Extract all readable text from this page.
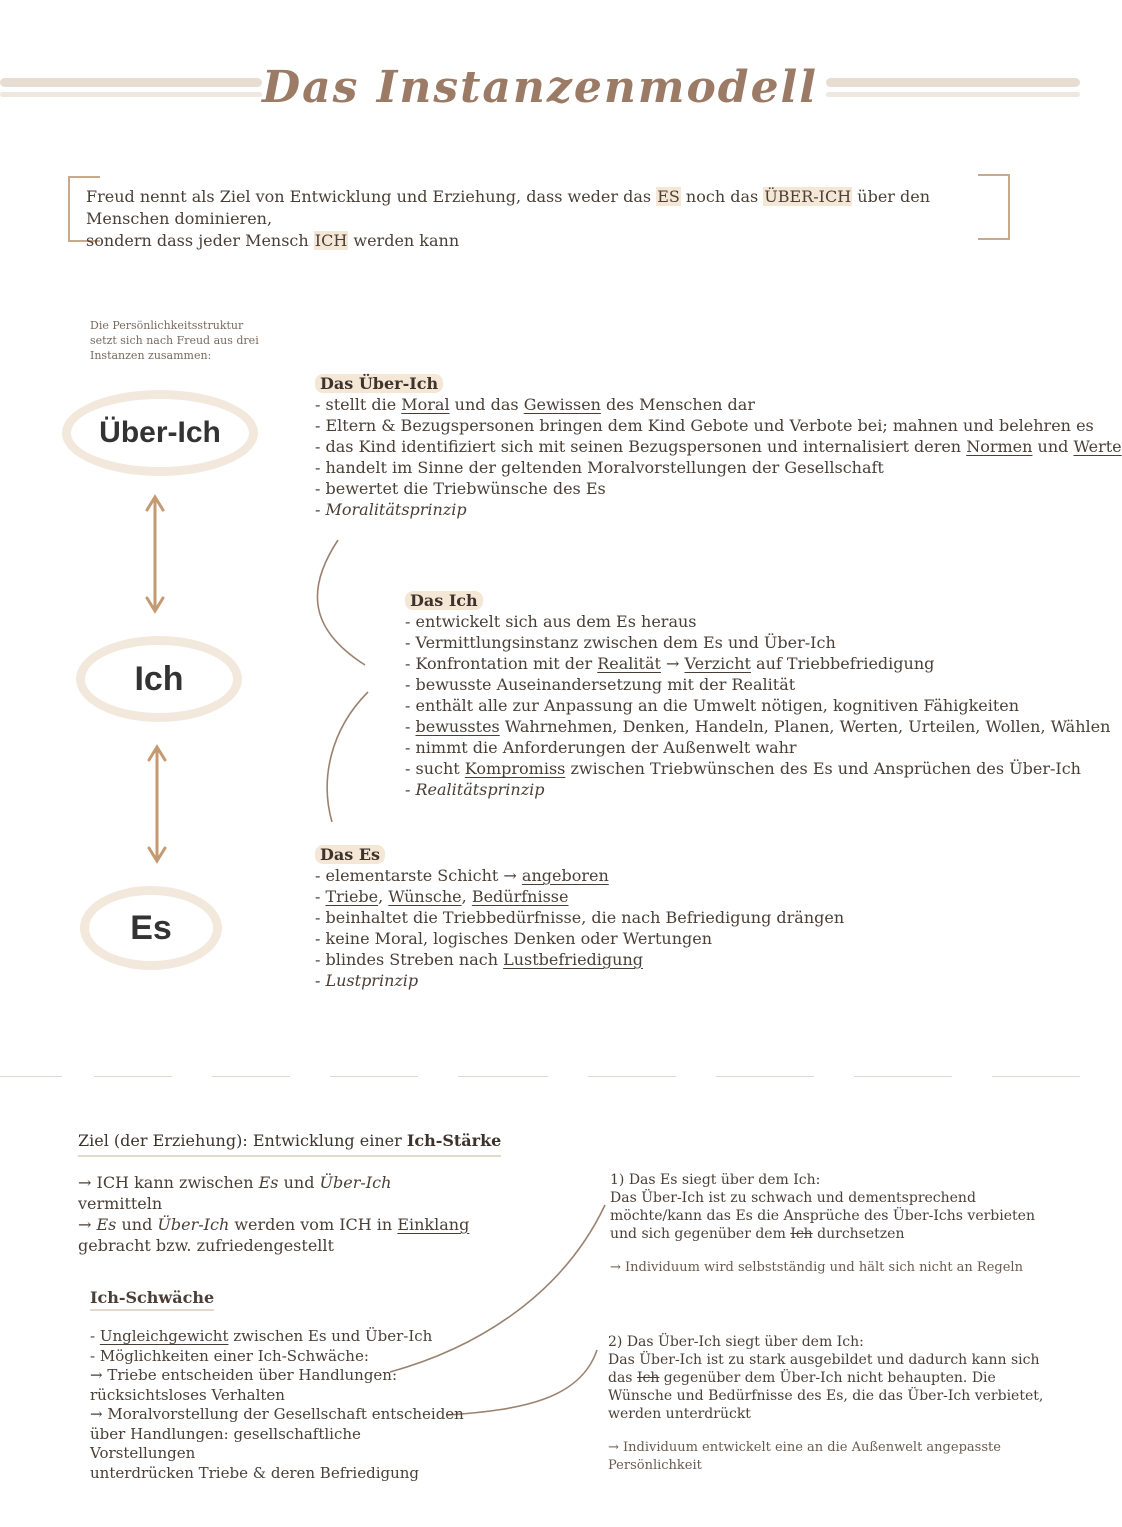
Das Instanzenmodell
Freud nennt als Ziel von Entwicklung und Erziehung, dass weder das ES noch das ÜBER-ICH über den Menschen dominieren,
sondern dass jeder Mensch ICH werden kann
Die Persönlichkeitsstruktur setzt sich nach Freud aus drei Instanzen zusammen:
Über-Ich
Ich
Es
Das Über-Ich
- stellt die Moral und das Gewissen des Menschen dar
- Eltern & Bezugspersonen bringen dem Kind Gebote und Verbote bei; mahnen und belehren es
- das Kind identifiziert sich mit seinen Bezugspersonen und internalisiert deren Normen und Werte
- handelt im Sinne der geltenden Moralvorstellungen der Gesellschaft
- bewertet die Triebwünsche des Es
- Moralitätsprinzip
Das Ich
- entwickelt sich aus dem Es heraus
- Vermittlungsinstanz zwischen dem Es und Über-Ich
- Konfrontation mit der Realität → Verzicht auf Triebbefriedigung
- bewusste Auseinandersetzung mit der Realität
- enthält alle zur Anpassung an die Umwelt nötigen, kognitiven Fähigkeiten
- bewusstes Wahrnehmen, Denken, Handeln, Planen, Werten, Urteilen, Wollen, Wählen
- nimmt die Anforderungen der Außenwelt wahr
- sucht Kompromiss zwischen Triebwünschen des Es und Ansprüchen des Über-Ich
- Realitätsprinzip
Das Es
- elementarste Schicht → angeboren
- Triebe, Wünsche, Bedürfnisse
- beinhaltet die Triebbedürfnisse, die nach Befriedigung drängen
- keine Moral, logisches Denken oder Wertungen
- blindes Streben nach Lustbefriedigung
- Lustprinzip
Ziel (der Erziehung): Entwicklung einer Ich-Stärke
→ ICH kann zwischen Es und Über-Ich vermitteln
→ Es und Über-Ich werden vom ICH in Einklang
gebracht bzw. zufriedengestellt
Ich-Schwäche
- Ungleichgewicht zwischen Es und Über-Ich
- Möglichkeiten einer Ich-Schwäche:
→ Triebe entscheiden über Handlungen:
rücksichtsloses Verhalten
→ Moralvorstellung der Gesellschaft entscheiden
über Handlungen: gesellschaftliche Vorstellungen
unterdrücken Triebe & deren Befriedigung
1) Das Es siegt über dem Ich:
Das Über-Ich ist zu schwach und dementsprechend möchte/kann das Es die Ansprüche des Über-Ichs verbieten und sich gegenüber dem Ich durchsetzen
→ Individuum wird selbstständig und hält sich nicht an Regeln
2) Das Über-Ich siegt über dem Ich:
Das Über-Ich ist zu stark ausgebildet und dadurch kann sich das Ich gegenüber dem Über-Ich nicht behaupten. Die Wünsche und Bedürfnisse des Es, die das Über-Ich verbietet, werden unterdrückt
→ Individuum entwickelt eine an die Außenwelt angepasste Persönlichkeit
